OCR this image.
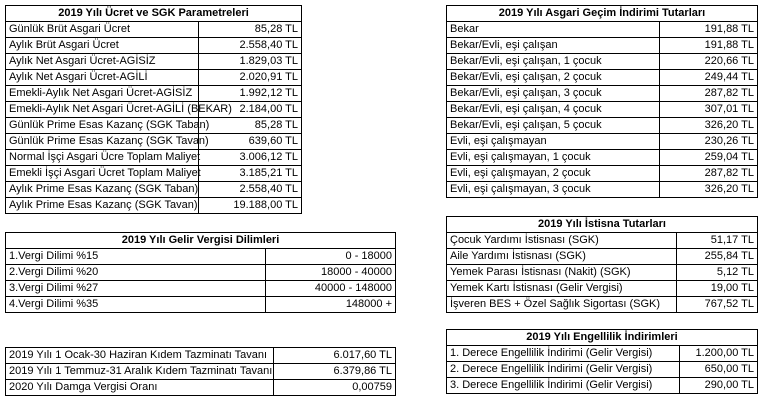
2019 Yılı Ücret ve SGK Parametreleri	
Günlük Brüt Asgari Ücret	85,28 TL
Aylık Brüt Asgari Ücret	2.558,40 TL
Aylık Net Asgari Ücret-AGİSİZ	1.829,03 TL
Aylık Net Asgari Ücret-AGİLİ	2.020,91 TL
Emekli-Aylık Net Asgari Ücret-AGİSİZ	1.992,12 TL
Emekli-Aylık Net Asgari Ücret-AGİLİ (BEKAR)	2.184,00 TL
Günlük Prime Esas Kazanç (SGK Taban)	85,28 TL
Günlük Prime Esas Kazanç (SGK Tavan)	639,60 TL
Normal İşçi Asgari Ücre Toplam Maliyet	3.006,12 TL
Emekli İşçi Asgari Ücret Toplam Maliyet	3.185,21 TL
Aylık Prime Esas Kazanç (SGK Taban)	2.558,40 TL
Aylık Prime Esas Kazanç (SGK Tavan)	19.188,00 TL
2019 Yılı Asgari Geçim İndirimi Tutarları	
Bekar	191,88 TL
Bekar/Evli, eşi çalışan	191,88 TL
Bekar/Evli, eşi çalışan, 1 çocuk	220,66 TL
Bekar/Evli, eşi çalışan, 2 çocuk	249,44 TL
Bekar/Evli, eşi çalışan, 3 çocuk	287,82 TL
Bekar/Evli, eşi çalışan, 4 çocuk	307,01 TL
Bekar/Evli, eşi çalışan, 5 çocuk	326,20 TL
Evli, eşi çalışmayan	230,26 TL
Evli, eşi çalışmayan, 1 çocuk	259,04 TL
Evli, eşi çalışmayan, 2 çocuk	287,82 TL
Evli, eşi çalışmayan, 3 çocuk	326,20 TL
2019 Yılı Gelir Vergisi Dilimleri	
1.Vergi Dilimi %15	0 - 18000
2.Vergi Dilimi %20	18000 - 40000
3.Vergi Dilimi %27	40000 - 148000
4.Vergi Dilimi %35	148000 +
2019 Yılı İstisna Tutarları	
Çocuk Yardımı İstisnası (SGK)	51,17 TL
Aile Yardımı İstisnası (SGK)	255,84 TL
Yemek Parası İstisnası (Nakit) (SGK)	5,12 TL
Yemek Kartı İstisnası (Gelir Vergisi)	19,00 TL
İşveren BES + Özel Sağlık Sigortası (SGK)	767,52 TL
2019 Yılı Engellilik İndirimleri	
1. Derece Engellilik İndirimi (Gelir Vergisi)	1.200,00 TL
2. Derece Engellilik İndirimi (Gelir Vergisi)	650,00 TL
3. Derece Engellilik İndirimi (Gelir Vergisi)	290,00 TL
2019 Yılı 1 Ocak-30 Haziran Kıdem Tazminatı Tavanı	6.017,60 TL
2019 Yılı 1 Temmuz-31 Aralık Kıdem Tazminatı Tavanı	6.379,86 TL
2020 Yılı Damga Vergisi Oranı	0,00759
